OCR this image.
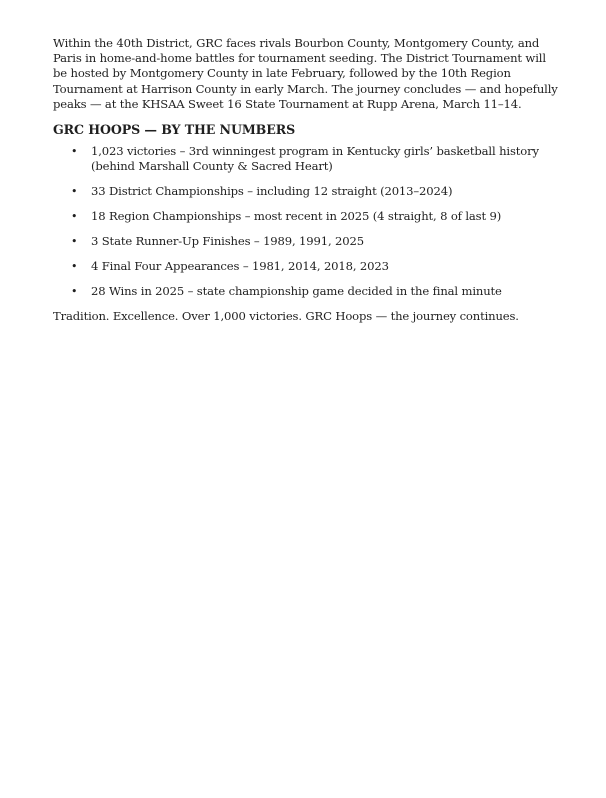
Within the 40th District, GRC faces rivals Bourbon County, Montgomery County, and Paris in home-and-home battles for tournament seeding. The District Tournament will be hosted by Montgomery County in late February, followed by the 10th Region Tournament at Harrison County in early March. The journey concludes — and hopefully peaks — at the KHSAA Sweet 16 State Tournament at Rupp Arena, March 11–14.

GRC HOOPS — BY THE NUMBERS
• 1,023 victories – 3rd winningest program in Kentucky girls’ basketball history (behind Marshall County & Sacred Heart)
• 33 District Championships – including 12 straight (2013–2024)
• 18 Region Championships – most recent in 2025 (4 straight, 8 of last 9)
• 3 State Runner-Up Finishes – 1989, 1991, 2025
• 4 Final Four Appearances – 1981, 2014, 2018, 2023
• 28 Wins in 2025 – state championship game decided in the final minute

Tradition. Excellence. Over 1,000 victories. GRC Hoops — the journey continues.
